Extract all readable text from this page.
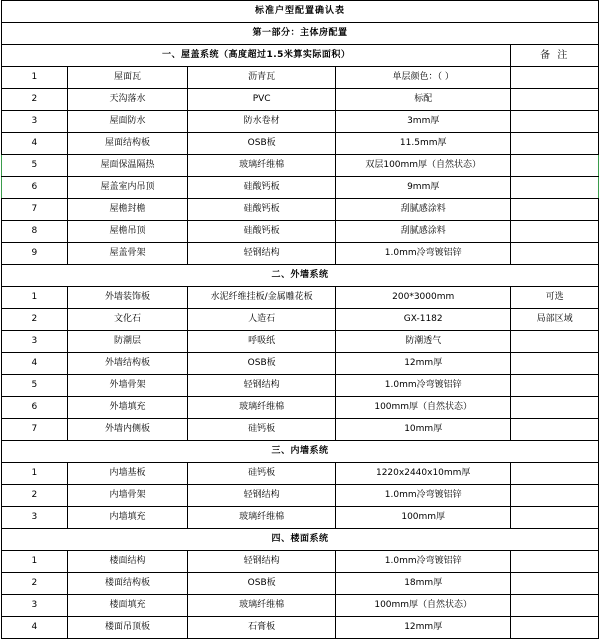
标准户型配置确认表				
第一部分：主体房配置				
一、屋盖系统（高度超过1.5米算实际面积）				备 注
1	屋面瓦	沥青瓦	单层颜色：（ ）	
2	天沟落水	PVC	标配	
3	屋面防水	防水卷材	3mm厚	
4	屋面结构板	OSB板	11.5mm厚	
5	屋面保温隔热	玻璃纤维棉	双层100mm厚（自然状态）	
6	屋盖室内吊顶	硅酸钙板	9mm厚	
7	屋檐封檐	硅酸钙板	刮腻感涂料	
8	屋檐吊顶	硅酸钙板	刮腻感涂料	
9	屋盖骨架	轻钢结构	1.0mm冷弯镀铝锌	
二、外墙系统				
1	外墙装饰板	水泥纤维挂板/金属雕花板	200*3000mm	可选
2	文化石	人造石	GX-1182	局部区域
3	防潮层	呼吸纸	防潮透气	
4	外墙结构板	OSB板	12mm厚	
5	外墙骨架	轻钢结构	1.0mm冷弯镀铝锌	
6	外墙填充	玻璃纤维棉	100mm厚（自然状态）	
7	外墙内侧板	硅钙板	10mm厚	
三、内墙系统				
1	内墙基板	硅钙板	1220x2440x10mm厚	
2	内墙骨架	轻钢结构	1.0mm冷弯镀铝锌	
3	内墙填充	玻璃纤维棉	100mm厚	
四、楼面系统				
1	楼面结构	轻钢结构	1.0mm冷弯镀铝锌	
2	楼面结构板	OSB板	18mm厚	
3	楼面填充	玻璃纤维棉	100mm厚（自然状态）	
4	楼面吊顶板	石膏板	12mm厚	
